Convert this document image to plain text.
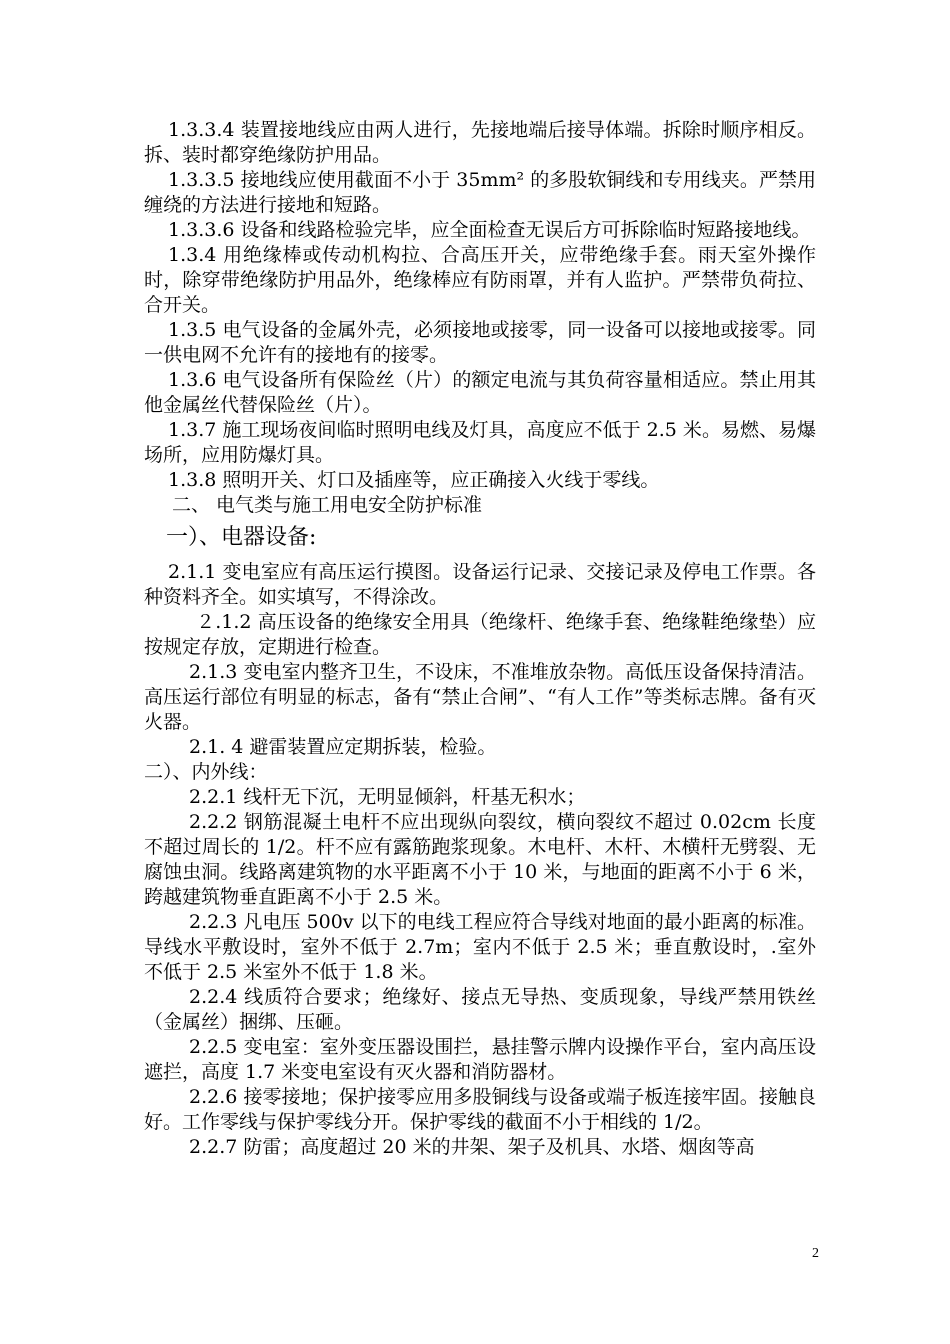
1.3.3.4 装置接地线应由两人进行，先接地端后接导体端。拆除时顺序相反。拆、装时都穿绝缘防护用品。

1.3.3.5 接地线应使用截面不小于 35mm² 的多股软铜线和专用线夹。严禁用缠绕的方法进行接地和短路。

1.3.3.6 设备和线路检验完毕，应全面检查无误后方可拆除临时短路接地线。

1.3.4 用绝缘棒或传动机构拉、合高压开关，应带绝缘手套。雨天室外操作时，除穿带绝缘防护用品外，绝缘棒应有防雨罩，并有人监护。严禁带负荷拉、合开关。

1.3.5 电气设备的金属外壳，必须接地或接零，同一设备可以接地或接零。同一供电网不允许有的接地有的接零。

1.3.6 电气设备所有保险丝（片）的额定电流与其负荷容量相适应。禁止用其他金属丝代替保险丝（片）。

1.3.7 施工现场夜间临时照明电线及灯具，高度应不低于 2.5 米。易燃、易爆场所，应用防爆灯具。

1.3.8 照明开关、灯口及插座等，应正确接入火线于零线。

二、 电气类与施工用电安全防护标准

一）、电器设备:

2.1.1 变电室应有高压运行摸图。设备运行记录、交接记录及停电工作票。各种资料齐全。如实填写，不得涂改。

２.1.2 高压设备的绝缘安全用具（绝缘杆、绝缘手套、绝缘鞋绝缘垫）应按规定存放，定期进行检查。

2.1.3 变电室内整齐卫生，不设床，不准堆放杂物。高低压设备保持清洁。高压运行部位有明显的标志，备有“禁止合闸”、“有人工作”等类标志牌。备有灭火器。

2.1. 4 避雷装置应定期拆装，检验。

二）、内外线：

2.2.1 线杆无下沉，无明显倾斜，杆基无积水；

2.2.2 钢筋混凝土电杆不应出现纵向裂纹，横向裂纹不超过 0.02cm 长度不超过周长的 1/2。杆不应有露筋跑浆现象。木电杆、木杆、木横杆无劈裂、无腐蚀虫洞。线路离建筑物的水平距离不小于 10 米，与地面的距离不小于 6 米，跨越建筑物垂直距离不小于 2.5 米。

2.2.3 凡电压 500v 以下的电线工程应符合导线对地面的最小距离的标准。导线水平敷设时，室外不低于 2.7m；室内不低于 2.5 米；垂直敷设时，.室外不低于 2.5 米室外不低于 1.8 米。

2.2.4 线质符合要求；绝缘好、接点无导热、变质现象，导线严禁用铁丝（金属丝）捆绑、压砸。

2.2.5 变电室：室外变压器设围拦，悬挂警示牌内设操作平台，室内高压设遮拦，高度 1.7 米变电室设有灭火器和消防器材。

2.2.6 接零接地；保护接零应用多股铜线与设备或端子板连接牢固。接触良好。工作零线与保护零线分开。保护零线的截面不小于相线的 1/2。

2.2.7 防雷；高度超过 20 米的井架、架子及机具、水塔、烟囱等高

2
